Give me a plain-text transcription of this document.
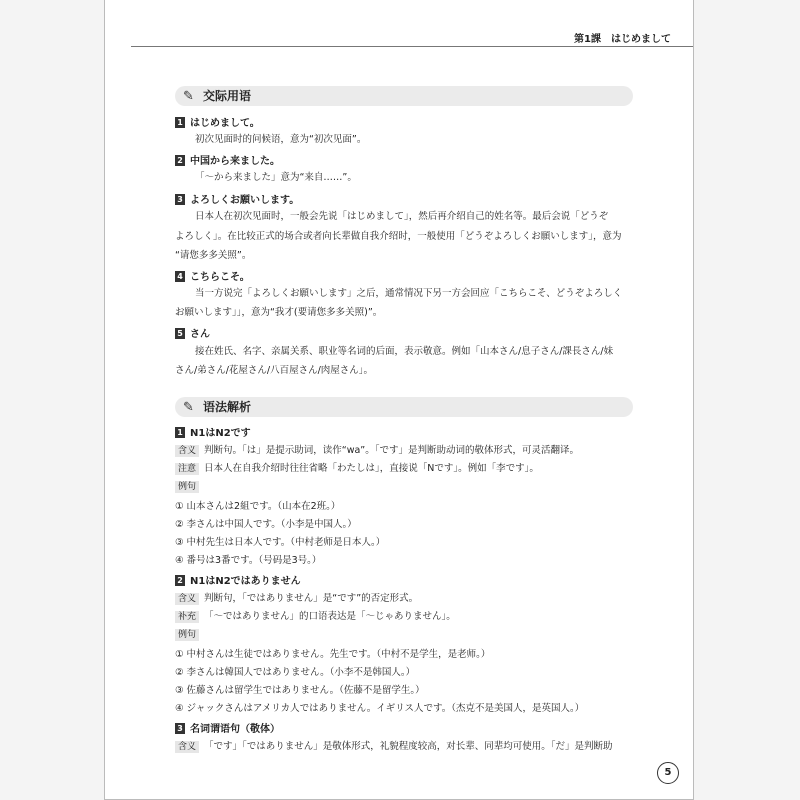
第1課　はじめまして
✎ 交际用语
1 はじめまして。
初次见面时的问候语，意为“初次见面”。
2 中国から来ました。
「～から来ました」意为“来自……”。
3 よろしくお願いします。
日本人在初次见面时，一般会先说「はじめまして」，然后再介绍自己的姓名等。最后会说「どうぞ
よろしく」。在比较正式的场合或者向长辈做自我介绍时，一般使用「どうぞよろしくお願いします」，意为
“请您多多关照”。
4 こちらこそ。
当一方说完「よろしくお願いします」之后，通常情况下另一方会回应「こちらこそ、どうぞよろしく
お願いします」」，意为“我才(要请您多多关照)”。
5 さん
接在姓氏、名字、亲属关系、职业等名词的后面，表示敬意。例如「山本さん/息子さん/課長さん/妹
さん/弟さん/花屋さん/八百屋さん/肉屋さん」。
✎ 语法解析
1 N1はN2です
含义 判断句。「は」是提示助词，读作“wa”。「です」是判断助动词的敬体形式，可灵活翻译。
注意 日本人在自我介绍时往往省略「わたしは」，直接说「Nです」。例如「李です」。
例句
① 山本さんは2組です。（山本在2班。）
② 李さんは中国人です。（小李是中国人。）
③ 中村先生は日本人です。（中村老师是日本人。）
④ 番号は3番です。（号码是3号。）
2 N1はN2ではありません
含义 判断句，「ではありません」是“です”的否定形式。
补充 「～ではありません」的口语表达是「～じゃありません」。
例句
① 中村さんは生徒ではありません。先生です。（中村不是学生，是老师。）
② 李さんは韓国人ではありません。（小李不是韩国人。）
③ 佐藤さんは留学生ではありません。（佐藤不是留学生。）
④ ジャックさんはアメリカ人ではありません。イギリス人です。（杰克不是美国人，是英国人。）
3 名词谓语句（敬体）
含义 「です」「ではありません」是敬体形式，礼貌程度较高，对长辈、同辈均可使用。「だ」是判断助
5
